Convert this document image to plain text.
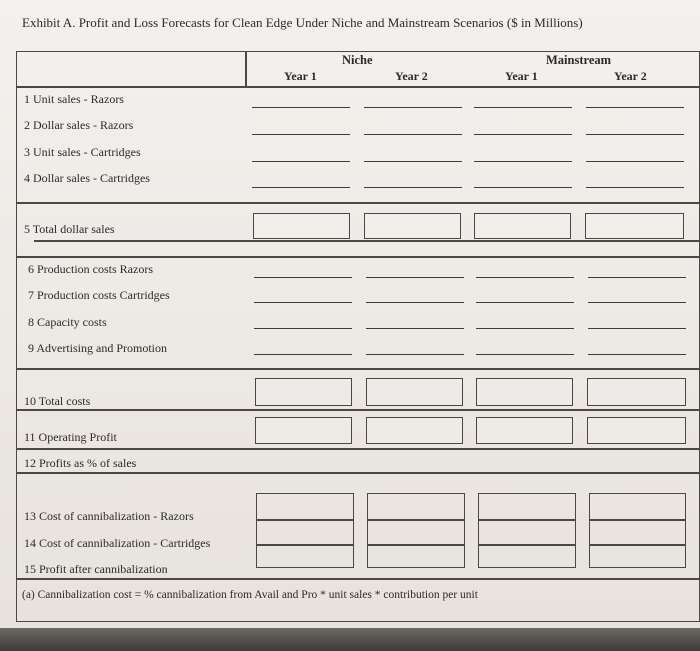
Exhibit A. Profit and Loss Forecasts for Clean Edge Under Niche and Mainstream Scenarios ($ in Millions)
Niche	Mainstream
Year 1	Year 2	Year 1	Year 2
1 Unit sales - Razors
2 Dollar sales - Razors
3 Unit sales - Cartridges
4 Dollar sales - Cartridges
5 Total dollar sales
6 Production costs Razors
7 Production costs Cartridges
8 Capacity costs
9 Advertising and Promotion
10 Total costs
11 Operating Profit
12 Profits as % of sales
13 Cost of cannibalization - Razors
14 Cost of cannibalization - Cartridges
15 Profit after cannibalization
(a) Cannibalization cost = % cannibalization from Avail and Pro * unit sales * contribution per unit
